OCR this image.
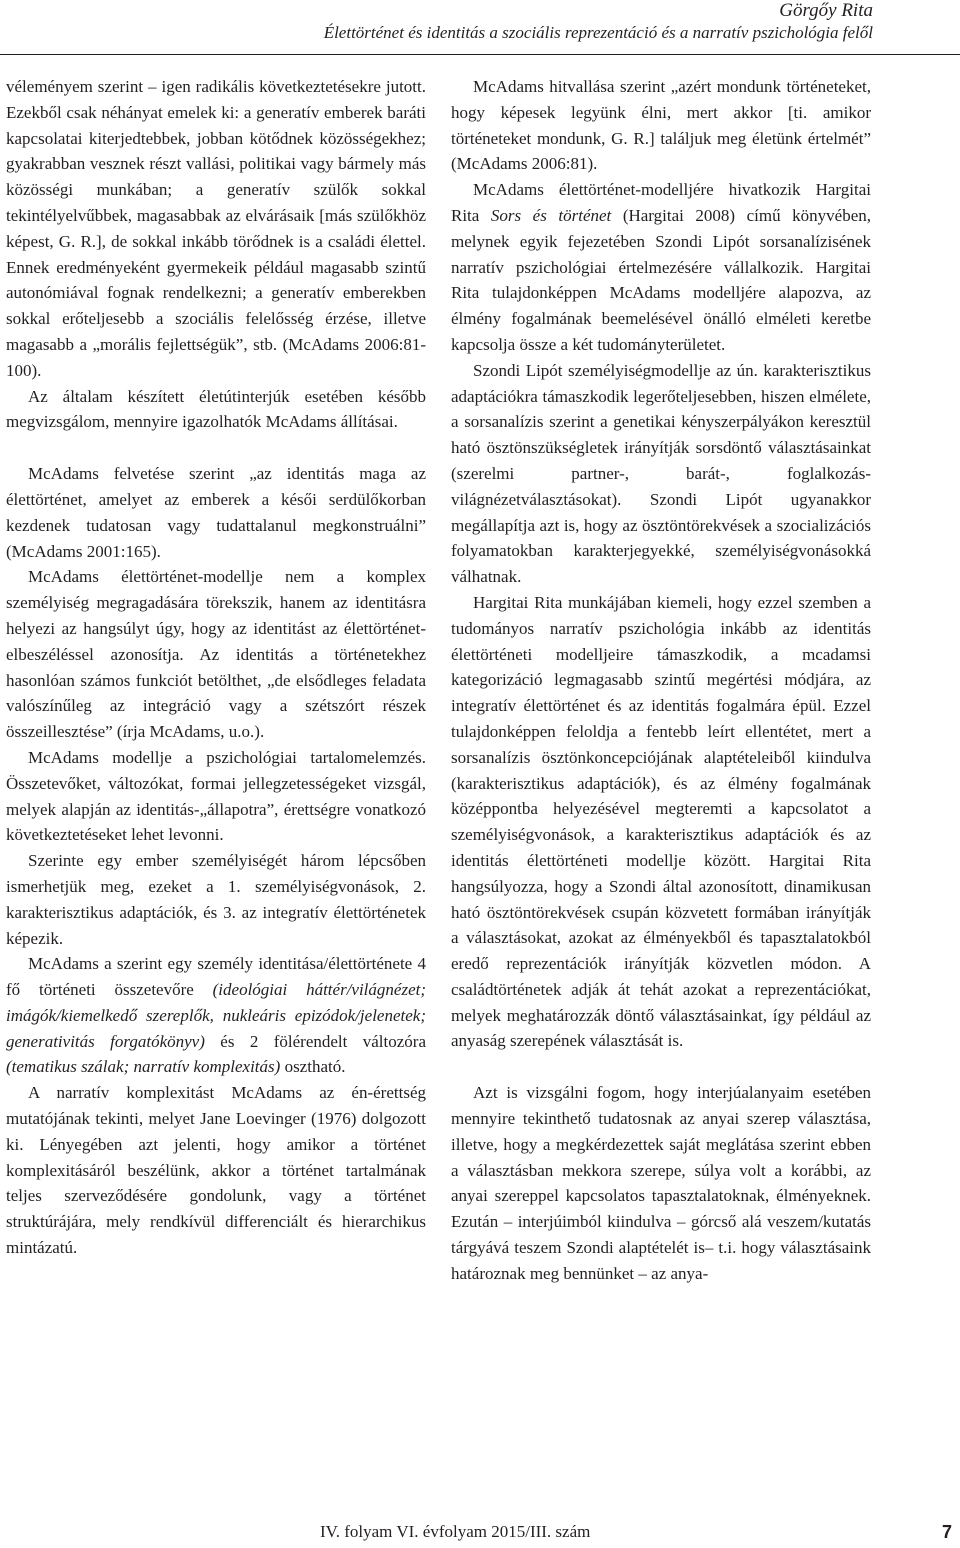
Görgőy Rita
Élettörténet és identitás a szociális reprezentáció és a narratív pszichológia felől

véleményem szerint – igen radikális következtetésekre jutott. Ezekből csak néhányat emelek ki: a generatív emberek baráti kapcsolatai kiterjedtebbek, jobban kötődnek közösségekhez; gyakrabban vesznek részt vallási, politikai vagy bármely más közösségi munkában; a generatív szülők sokkal tekintélyelvűbbek, magasabbak az elvárásaik [más szülőkhöz képest, G. R.], de sokkal inkább törődnek is a családi élettel. Ennek eredményeként gyermekeik például magasabb szintű autonómiával fognak rendelkezni; a generatív emberekben sokkal erőteljesebb a szociális felelősség érzése, illetve magasabb a „morális fejlettségük”, stb. (McAdams 2006:81-100).

Az általam készített életútinterjúk esetében később megvizsgálom, mennyire igazolhatók McAdams állításai.

McAdams felvetése szerint „az identitás maga az élettörténet, amelyet az emberek a késői serdülőkorban kezdenek tudatosan vagy tudattalanul megkonstruálni” (McAdams 2001:165).

McAdams élettörténet-modellje nem a komplex személyiség megragadására törekszik, hanem az identitásra helyezi az hangsúlyt úgy, hogy az identitást az élettörténet-elbeszéléssel azonosítja. Az identitás a történetekhez hasonlóan számos funkciót betölthet, „de elsődleges feladata valószínűleg az integráció vagy a szétszórt részek összeillesztése” (írja McAdams, u.o.).

McAdams modellje a pszichológiai tartalomelemzés. Összetevőket, változókat, formai jellegzetességeket vizsgál, melyek alapján az identitás-„állapotra”, érettségre vonatkozó következtetéseket lehet levonni.

Szerinte egy ember személyiségét három lépcsőben ismerhetjük meg, ezeket a 1. személyiségvonások, 2. karakterisztikus adaptációk, és 3. az integratív élettörténetek képezik.

McAdams a szerint egy személy identitása/élettörténete 4 fő történeti összetevőre (ideológiai háttér/világnézet; imágók/kiemelkedő szereplők, nukleáris epizódok/jelenetek; generativitás forgatókönyv) és 2 fölérendelt változóra (tematikus szálak; narratív komplexitás) osztható.

A narratív komplexitást McAdams az én-érettség mutatójának tekinti, melyet Jane Loevinger (1976) dolgozott ki. Lényegében azt jelenti, hogy amikor a történet komplexitásáról beszélünk, akkor a történet tartalmának teljes szerveződésére gondolunk, vagy a történet struktúrájára, mely rendkívül differenciált és hierarchikus mintázatú.

McAdams hitvallása szerint „azért mondunk történeteket, hogy képesek legyünk élni, mert akkor [ti. amikor történeteket mondunk, G. R.] találjuk meg életünk értelmét” (McAdams 2006:81).

McAdams élettörténet-modelljére hivatkozik Hargitai Rita Sors és történet (Hargitai 2008) című könyvében, melynek egyik fejezetében Szondi Lipót sorsanalízisének narratív pszichológiai értelmezésére vállalkozik. Hargitai Rita tulajdonképpen McAdams modelljére alapozva, az élmény fogalmának beemelésével önálló elméleti keretbe kapcsolja össze a két tudományterületet.

Szondi Lipót személyiségmodellje az ún. karakterisztikus adaptációkra támaszkodik legerőteljesebben, hiszen elmélete, a sorsanalízis szerint a genetikai kényszerpályákon keresztül ható ösztönszükségletek irányítják sorsdöntő választásainkat (szerelmi partner-, barát-, foglalkozás- világnézetválasztásokat). Szondi Lipót ugyanakkor megállapítja azt is, hogy az ösztöntörekvések a szocializációs folyamatokban karakterjegyekké, személyiségvonásokká válhatnak.

Hargitai Rita munkájában kiemeli, hogy ezzel szemben a tudományos narratív pszichológia inkább az identitás élettörténeti modelljeire támaszkodik, a mcadamsi kategorizáció legmagasabb szintű megértési módjára, az integratív élettörténet és az identitás fogalmára épül. Ezzel tulajdonképpen feloldja a fentebb leírt ellentétet, mert a sorsanalízis ösztönkoncepciójának alaptételeiből kiindulva (karakterisztikus adaptációk), és az élmény fogalmának középpontba helyezésével megteremti a kapcsolatot a személyiségvonások, a karakterisztikus adaptációk és az identitás élettörténeti modellje között. Hargitai Rita hangsúlyozza, hogy a Szondi által azonosított, dinamikusan ható ösztöntörekvések csupán közvetett formában irányítják a választásokat, azokat az élményekből és tapasztalatokból eredő reprezentációk irányítják közvetlen módon. A családtörténetek adják át tehát azokat a reprezentációkat, melyek meghatározzák döntő választásainkat, így például az anyaság szerepének választását is.

Azt is vizsgálni fogom, hogy interjúalanyaim esetében mennyire tekinthető tudatosnak az anyai szerep választása, illetve, hogy a megkérdezettek saját meglátása szerint ebben a választásban mekkora szerepe, súlya volt a korábbi, az anyai szereppel kapcsolatos tapasztalatoknak, élményeknek. Ezután – interjúimból kiindulva – górcső alá veszem/kutatás tárgyává teszem Szondi alaptételét is– t.i. hogy választásaink határoznak meg bennünket – az anya-

IV. folyam VI. évfolyam 2015/III. szám	7
